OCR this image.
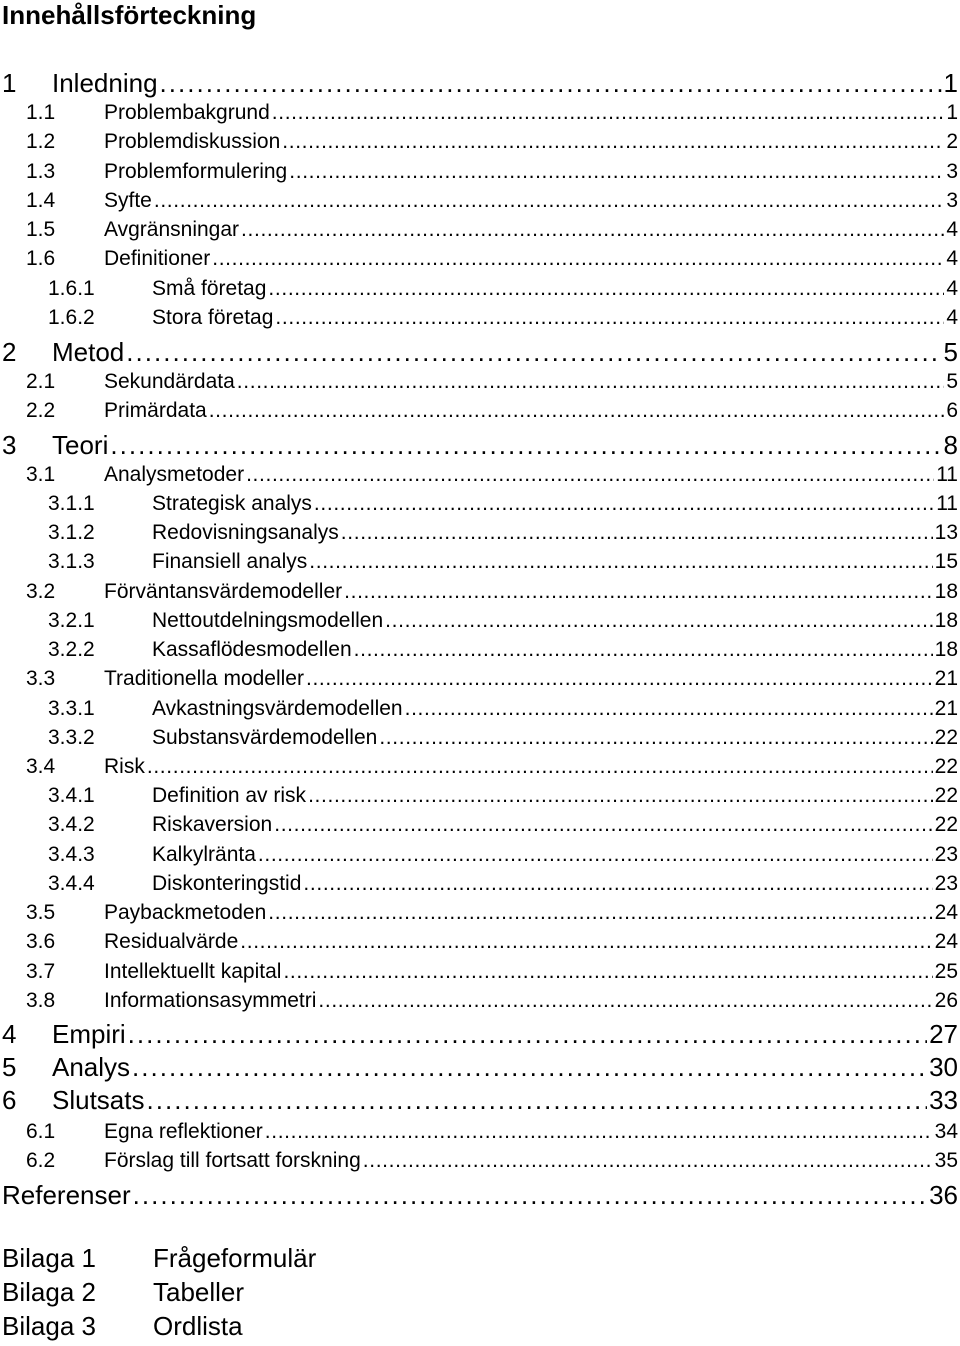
Innehållsförteckning
1	Inledning . . .	1
1.1	Problembakgrund . . .	1
1.2	Problemdiskussion . . .	2
1.3	Problemformulering . . .	3
1.4	Syfte . . .	3
1.5	Avgränsningar . . .	4
1.6	Definitioner . . .	4
1.6.1	Små företag . . .	4
1.6.2	Stora företag . . .	4
2	Metod . . .	5
2.1	Sekundärdata . . .	5
2.2	Primärdata . . .	6
3	Teori . . .	8
3.1	Analysmetoder . . .	11
3.1.1	Strategisk analys . . .	11
3.1.2	Redovisningsanalys . . .	13
3.1.3	Finansiell analys . . .	15
3.2	Förväntansvärdemodeller . . .	18
3.2.1	Nettoutdelningsmodellen . . .	18
3.2.2	Kassaflödesmodellen . . .	18
3.3	Traditionella modeller . . .	21
3.3.1	Avkastningsvärdemodellen . . .	21
3.3.2	Substansvärdemodellen . . .	22
3.4	Risk . . .	22
3.4.1	Definition av risk . . .	22
3.4.2	Riskaversion . . .	22
3.4.3	Kalkylränta . . .	23
3.4.4	Diskonteringstid . . .	23
3.5	Paybackmetoden . . .	24
3.6	Residualvärde . . .	24
3.7	Intellektuellt kapital . . .	25
3.8	Informationsasymmetri . . .	26
4	Empiri . . .	27
5	Analys . . .	30
6	Slutsats . . .	33
6.1	Egna reflektioner . . .	34
6.2	Förslag till fortsatt forskning . . .	35
Referenser . . .	36
Bilaga 1 Frågeformulär
Bilaga 2 Tabeller
Bilaga 3 Ordlista
